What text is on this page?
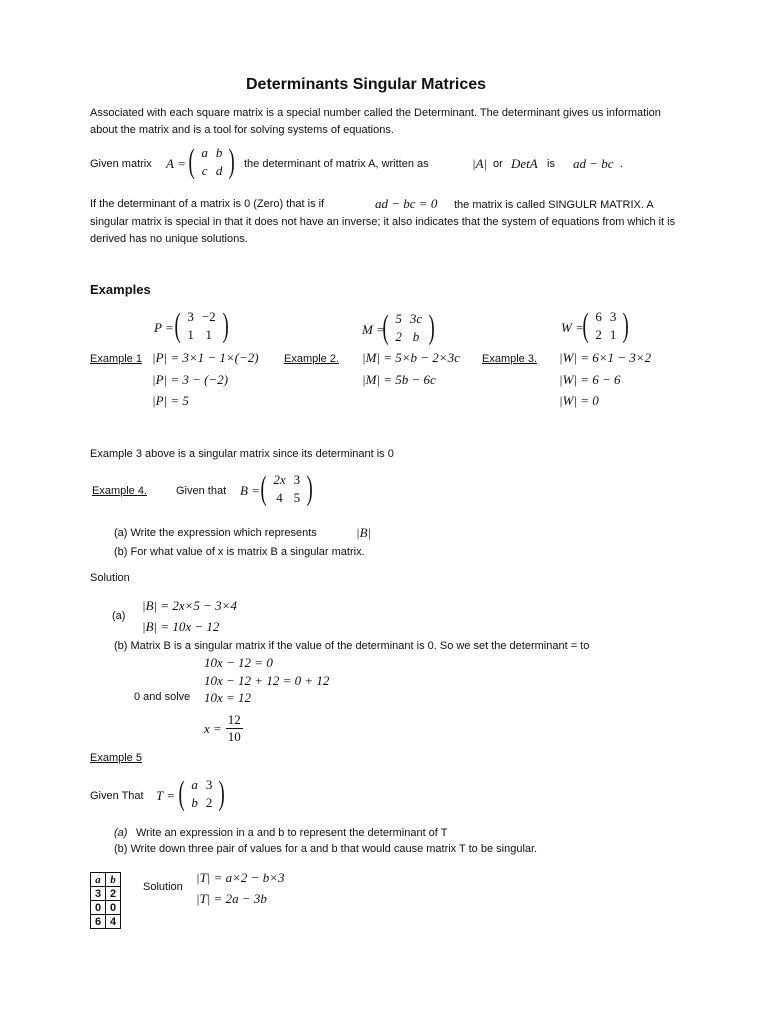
Determinants Singular Matrices
Associated with each square matrix is a special number called the Determinant. The determinant gives us information about the matrix and is a tool for solving systems of equations.
Given matrix A = ( a	b
c	d ) the determinant of matrix A, written as	|A| or DetA is ad − bc .
If the determinant of a matrix is 0 (Zero) that is if	ad − bc = 0	the matrix is called SINGULR MATRIX. A singular matrix is special in that it does not have an inverse; it also indicates that the system of equations from which it is derived has no unique solutions.
Examples
P = ( 3	−2
1	1 )
Example 1 |P| = 3×1 − 1×(−2)
|P| = 3 − (−2)
|P| = 5
M =
( 5	3c
2	b )
Example 2. |M| = 5×b − 2×3c
|M| = 5b − 6c
W =
( 6	3
2	1 )
Example 3. |W| = 6×1 − 3×2
|W| = 6 − 6
|W| = 0
Example 3 above is a singular matrix since its determinant is 0
Example 4.	Given that B = ( 2x	3
4	5 )
(a) Write the expression which represents	|B|
(b) For what value of x is matrix B a singular matrix.
Solution
(a)
|B| = 2x×5 − 3×4
|B| = 10x − 12
(b) Matrix B is a singular matrix if the value of the determinant is 0. So we set the determinant = to
10x − 12 = 0
10x − 12 + 12 = 0 + 12
0 and solve 10x = 12
$x = \frac{12}{10}$
Example 5
Given That T = ( a	3
b	2 )
(a) Write an expression in a and b to represent the determinant of T
(b) Write down three pair of values for a and b that would cause matrix T to be singular.
a	b
3	2
0	0
6	4
Solution
|T| = a×2 − b×3
|T| = 2a − 3b
